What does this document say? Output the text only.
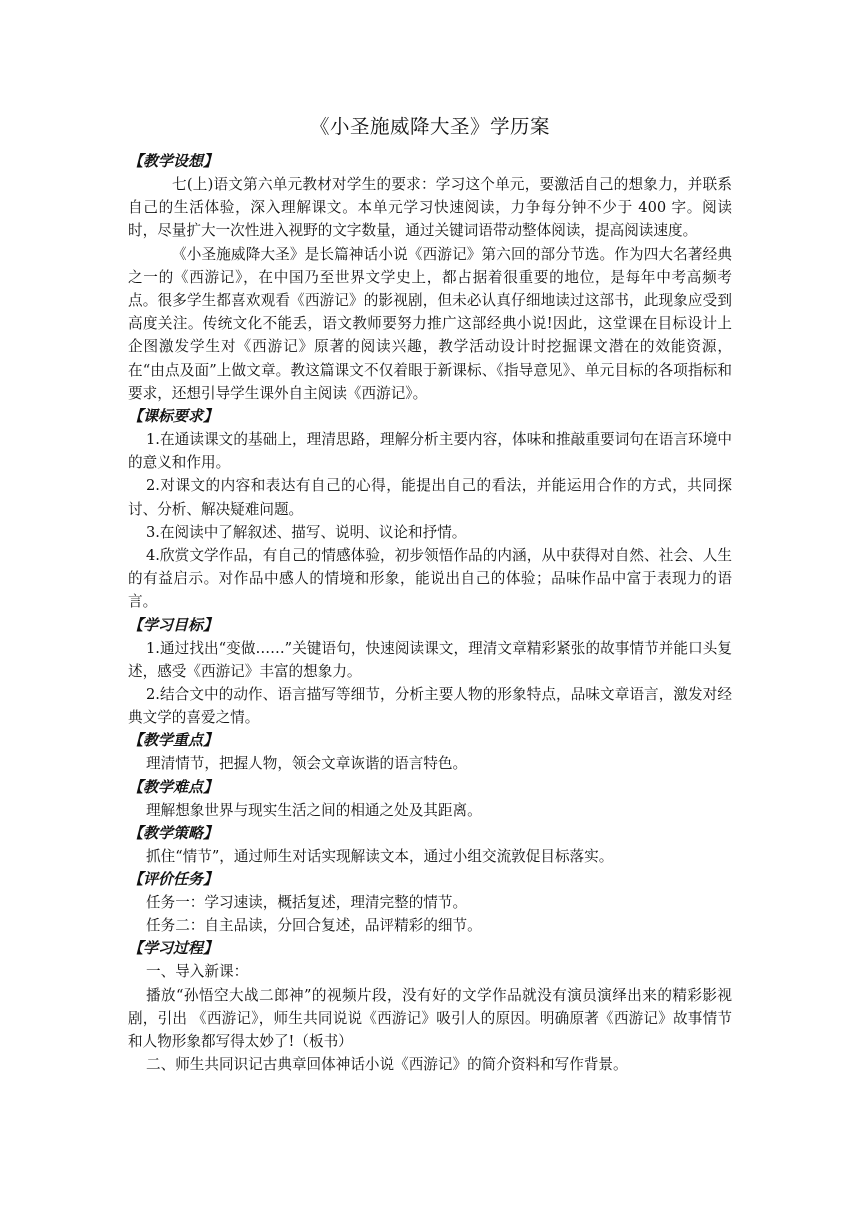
《小圣施威降大圣》学历案
【教学设想】

七(上)语文第六单元教材对学生的要求：学习这个单元，要激活自己的想象力，并联系自己的生活体验，深入理解课文。本单元学习快速阅读，力争每分钟不少于 400 字。阅读时，尽量扩大一次性进入视野的文字数量，通过关键词语带动整体阅读，提高阅读速度。

《小圣施威降大圣》是长篇神话小说《西游记》第六回的部分节选。作为四大名著经典之一的《西游记》，在中国乃至世界文学史上，都占据着很重要的地位，是每年中考高频考点。很多学生都喜欢观看《西游记》的影视剧，但未必认真仔细地读过这部书，此现象应受到高度关注。传统文化不能丢，语文教师要努力推广这部经典小说!因此，这堂课在目标设计上企图激发学生对《西游记》原著的阅读兴趣，教学活动设计时挖掘课文潜在的效能资源，在“由点及面”上做文章。教这篇课文不仅着眼于新课标、《指导意见》、单元目标的各项指标和要求，还想引导学生课外自主阅读《西游记》。

【课标要求】

1.在通读课文的基础上，理清思路，理解分析主要内容，体味和推敲重要词句在语言环境中的意义和作用。

2.对课文的内容和表达有自己的心得，能提出自己的看法，并能运用合作的方式，共同探讨、分析、解决疑难问题。

3.在阅读中了解叙述、描写、说明、议论和抒情。

4.欣赏文学作品，有自己的情感体验，初步领悟作品的内涵，从中获得对自然、社会、人生的有益启示。对作品中感人的情境和形象，能说出自己的体验；品味作品中富于表现力的语言。

【学习目标】

1.通过找出“变做……”关键语句，快速阅读课文，理清文章精彩紧张的故事情节并能口头复述，感受《西游记》丰富的想象力。

2.结合文中的动作、语言描写等细节，分析主要人物的形象特点，品味文章语言，激发对经典文学的喜爱之情。

【教学重点】

理清情节，把握人物，领会文章诙谐的语言特色。

【教学难点】

理解想象世界与现实生活之间的相通之处及其距离。

【教学策略】

抓住“情节”，通过师生对话实现解读文本，通过小组交流敦促目标落实。

【评价任务】

任务一：学习速读，概括复述，理清完整的情节。

任务二：自主品读，分回合复述，品评精彩的细节。

【学习过程】

一、导入新课：

播放“孙悟空大战二郎神”的视频片段，没有好的文学作品就没有演员演绎出来的精彩影视剧，引出 《西游记》，师生共同说说《西游记》吸引人的原因。明确原著《西游记》故事情节和人物形象都写得太妙了!（板书）

二、师生共同识记古典章回体神话小说《西游记》的简介资料和写作背景。
